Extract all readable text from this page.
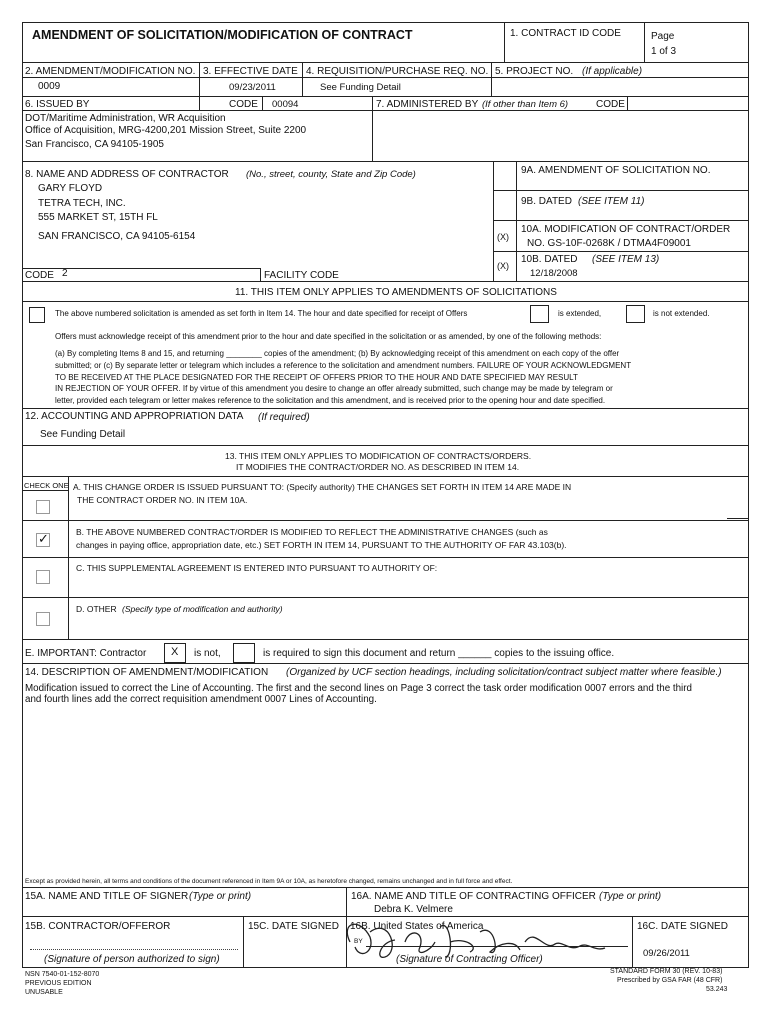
AMENDMENT OF SOLICITATION/MODIFICATION OF CONTRACT	1. CONTRACT ID CODE	Page
1 of 3
2. AMENDMENT/MODIFICATION NO.
0009
3. EFFECTIVE DATE
09/23/2011
4. REQUISITION/PURCHASE REQ. NO.
See Funding Detail
5. PROJECT NO. (If applicable)
6. ISSUED BY	CODE 00094	7. ADMINISTERED BY (If other than Item 6)	CODE
DOT/Maritime Administration, WR Acquisition
Office of Acquisition, MRG-4200,201 Mission Street, Suite 2200
San Francisco, CA 94105-1905
8. NAME AND ADDRESS OF CONTRACTOR (No., street, county, State and Zip Code)
GARY FLOYD
TETRA TECH, INC.
555 MARKET ST, 15TH FL
SAN FRANCISCO, CA 94105-6154
9A. AMENDMENT OF SOLICITATION NO.
9B. DATED (SEE ITEM 11)
(X)
10A. MODIFICATION OF CONTRACT/ORDER
NO. GS-10F-0268K / DTMA4F09001
(X)
10B. DATED (SEE ITEM 13)
12/18/2008
CODE 2	FACILITY CODE
11. THIS ITEM ONLY APPLIES TO AMENDMENTS OF SOLICITATIONS
The above numbered solicitation is amended as set forth in Item 14. The hour and date specified for receipt of Offers	is extended,	is not extended.
Offers must acknowledge receipt of this amendment prior to the hour and date specified in the solicitation or as amended, by one of the following methods:
(a) By completing Items 8 and 15, and returning ________ copies of the amendment; (b) By acknowledging receipt of this amendment on each copy of the offer
submitted; or (c) By separate letter or telegram which includes a reference to the solicitation and amendment numbers. FAILURE OF YOUR ACKNOWLEDGMENT
TO BE RECEIVED AT THE PLACE DESIGNATED FOR THE RECEIPT OF OFFERS PRIOR TO THE HOUR AND DATE SPECIFIED MAY RESULT
IN REJECTION OF YOUR OFFER. If by virtue of this amendment you desire to change an offer already submitted, such change may be made by telegram or
letter, provided each telegram or letter makes reference to the solicitation and this amendment, and is received prior to the opening hour and date specified.
12. ACCOUNTING AND APPROPRIATION DATA (If required)
See Funding Detail
13. THIS ITEM ONLY APPLIES TO MODIFICATION OF CONTRACTS/ORDERS.
IT MODIFIES THE CONTRACT/ORDER NO. AS DESCRIBED IN ITEM 14.
CHECK ONE A. THIS CHANGE ORDER IS ISSUED PURSUANT TO: (Specify authority) THE CHANGES SET FORTH IN ITEM 14 ARE MADE IN
THE CONTRACT ORDER NO. IN ITEM 10A.
✓	B. THE ABOVE NUMBERED CONTRACT/ORDER IS MODIFIED TO REFLECT THE ADMINISTRATIVE CHANGES (such as
changes in paying office, appropriation date, etc.) SET FORTH IN ITEM 14, PURSUANT TO THE AUTHORITY OF FAR 43.103(b).
C. THIS SUPPLEMENTAL AGREEMENT IS ENTERED INTO PURSUANT TO AUTHORITY OF:
D. OTHER (Specify type of modification and authority)
E. IMPORTANT: Contractor X is not,	is required to sign this document and return ______ copies to the issuing office.
14. DESCRIPTION OF AMENDMENT/MODIFICATION (Organized by UCF section headings, including solicitation/contract subject matter where feasible.)
Modification issued to correct the Line of Accounting. The first and the second lines on Page 3 correct the task order modification 0007 errors and the third
and fourth lines add the correct requisition amendment 0007 Lines of Accounting.
Except as provided herein, all terms and conditions of the document referenced in Item 9A or 10A, as heretofore changed, remains unchanged and in full force and effect.
15A. NAME AND TITLE OF SIGNER (Type or print)	16A. NAME AND TITLE OF CONTRACTING OFFICER (Type or print)
Debra K. Velmere
15B. CONTRACTOR/OFFEROR	15C. DATE SIGNED 16B. United States of America	16C. DATE SIGNED
09/26/2011
BY
(Signature of person authorized to sign)	(Signature of Contracting Officer)
NSN 7540-01-152-8070
PREVIOUS EDITION
UNUSABLE
STANDARD FORM 30 (REV. 10-83)
Prescribed by GSA FAR (48 CFR)
53.243
